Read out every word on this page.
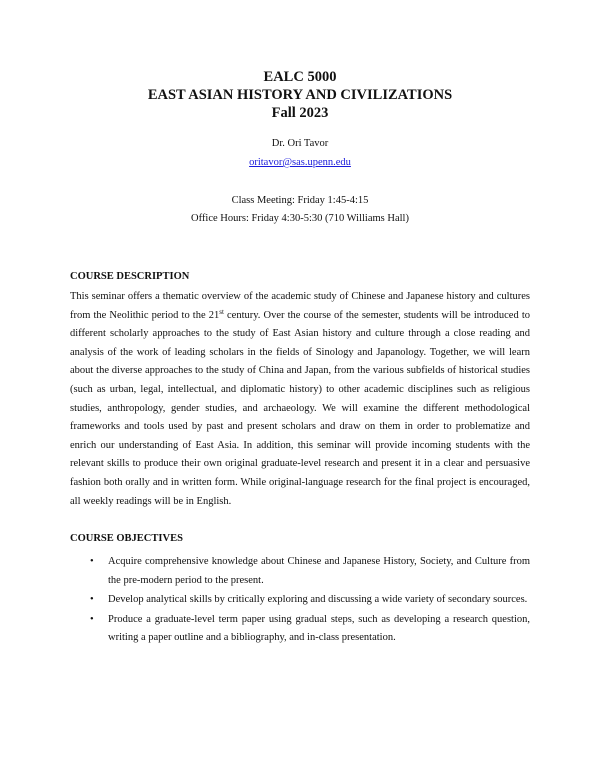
EALC 5000
EAST ASIAN HISTORY AND CIVILIZATIONS
Fall 2023
Dr. Ori Tavor
oritavor@sas.upenn.edu
Class Meeting: Friday 1:45-4:15
Office Hours: Friday 4:30-5:30 (710 Williams Hall)
COURSE DESCRIPTION

This seminar offers a thematic overview of the academic study of Chinese and Japanese history and cultures from the Neolithic period to the 21st century. Over the course of the semester, students will be introduced to different scholarly approaches to the study of East Asian history and culture through a close reading and analysis of the work of leading scholars in the fields of Sinology and Japanology. Together, we will learn about the diverse approaches to the study of China and Japan, from the various subfields of historical studies (such as urban, legal, intellectual, and diplomatic history) to other academic disciplines such as religious studies, anthropology, gender studies, and archaeology. We will examine the different methodological frameworks and tools used by past and present scholars and draw on them in order to problematize and enrich our understanding of East Asia. In addition, this seminar will provide incoming students with the relevant skills to produce their own original graduate-level research and present it in a clear and persuasive fashion both orally and in written form. While original-language research for the final project is encouraged, all weekly readings will be in English.

COURSE OBJECTIVES
•	Acquire comprehensive knowledge about Chinese and Japanese History, Society, and Culture from the pre-modern period to the present.
•	Develop analytical skills by critically exploring and discussing a wide variety of secondary sources.
•	Produce a graduate-level term paper using gradual steps, such as developing a research question, writing a paper outline and a bibliography, and in-class presentation.
